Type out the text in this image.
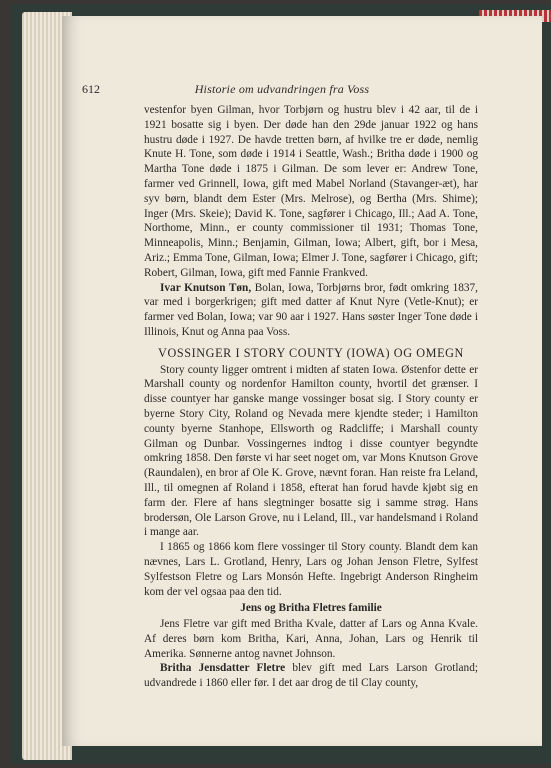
612	Historie om udvandringen fra Voss

vestenfor byen Gilman, hvor Torbjørn og hustru blev i 42 aar, til de i 1921 bosatte sig i byen. Der døde han den 29de januar 1922 og hans hustru døde i 1927. De havde tretten børn, af hvilke tre er døde, nemlig Knute H. Tone, som døde i 1914 i Seattle, Wash.; Britha døde i 1900 og Martha Tone døde i 1875 i Gilman. De som lever er: Andrew Tone, farmer ved Grinnell, Iowa, gift med Mabel Norland (Stavanger-æt), har syv børn, blandt dem Ester (Mrs. Melrose), og Bertha (Mrs. Shime); Inger (Mrs. Skeie); David K. Tone, sagfører i Chicago, Ill.; Aad A. Tone, Northome, Minn., er county commissioner til 1931; Thomas Tone, Minneapolis, Minn.; Benjamin, Gilman, Iowa; Albert, gift, bor i Mesa, Ariz.; Emma Tone, Gilman, Iowa; Elmer J. Tone, sagfører i Chicago, gift; Robert, Gilman, Iowa, gift med Fannie Frankved.

Ivar Knutson Tøn, Bolan, Iowa, Torbjørns bror, født omkring 1837, var med i borgerkrigen; gift med datter af Knut Nyre (Vetle-Knut); er farmer ved Bolan, Iowa; var 90 aar i 1927. Hans søster Inger Tone døde i Illinois, Knut og Anna paa Voss.

VOSSINGER I STORY COUNTY (IOWA) OG OMEGN

Story county ligger omtrent i midten af staten Iowa. Østenfor dette er Marshall county og nordenfor Hamilton county, hvortil det grænser. I disse countyer har ganske mange vossinger bosat sig. I Story county er byerne Story City, Roland og Nevada mere kjendte steder; i Hamilton county byerne Stanhope, Ellsworth og Radcliffe; i Marshall county Gilman og Dunbar. Vossingernes indtog i disse countyer begyndte omkring 1858. Den første vi har seet noget om, var Mons Knutson Grove (Raundalen), en bror af Ole K. Grove, nævnt foran. Han reiste fra Leland, Ill., til omegnen af Roland i 1858, efterat han forud havde kjøbt sig en farm der. Flere af hans slegtninger bosatte sig i samme strøg. Hans brodersøn, Ole Larson Grove, nu i Leland, Ill., var handelsmand i Roland i mange aar.

I 1865 og 1866 kom flere vossinger til Story county. Blandt dem kan nævnes, Lars L. Grotland, Henry, Lars og Johan Jenson Fletre, Sylfest Sylfestson Fletre og Lars Monsón Hefte. Ingebrigt Anderson Ringheim kom der vel ogsaa paa den tid.

Jens og Britha Fletres familie

Jens Fletre var gift med Britha Kvale, datter af Lars og Anna Kvale. Af deres børn kom Britha, Kari, Anna, Johan, Lars og Henrik til Amerika. Sønnerne antog navnet Johnson.

Britha Jensdatter Fletre blev gift med Lars Larson Grotland; udvandrede i 1860 eller før. I det aar drog de til Clay county,
